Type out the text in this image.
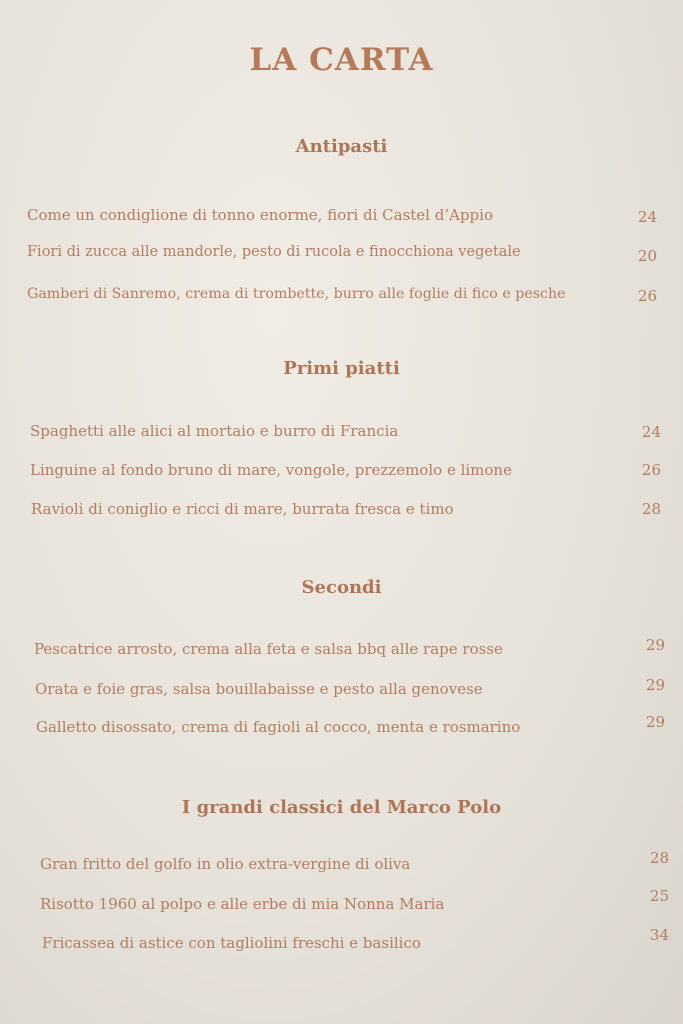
LA CARTA
Antipasti
Come un condiglione di tonno enorme, fiori di Castel d’Appio	24
Fiori di zucca alle mandorle, pesto di rucola e finocchiona vegetale	20
Gamberi di Sanremo, crema di trombette, burro alle foglie di fico e pesche	26
Primi piatti
Spaghetti alle alici al mortaio e burro di Francia	24
Linguine al fondo bruno di mare, vongole, prezzemolo e limone	26
Ravioli di coniglio e ricci di mare, burrata fresca e timo	28
Secondi
Pescatrice arrosto, crema alla feta e salsa bbq alle rape rosse	29
Orata e foie gras, salsa bouillabaisse e pesto alla genovese	29
Galletto disossato, crema di fagioli al cocco, menta e rosmarino	29
I grandi classici del Marco Polo
Gran fritto del golfo in olio extra-vergine di oliva	28
Risotto 1960 al polpo e alle erbe di mia Nonna Maria	25
Fricassea di astice con tagliolini freschi e basilico	34
